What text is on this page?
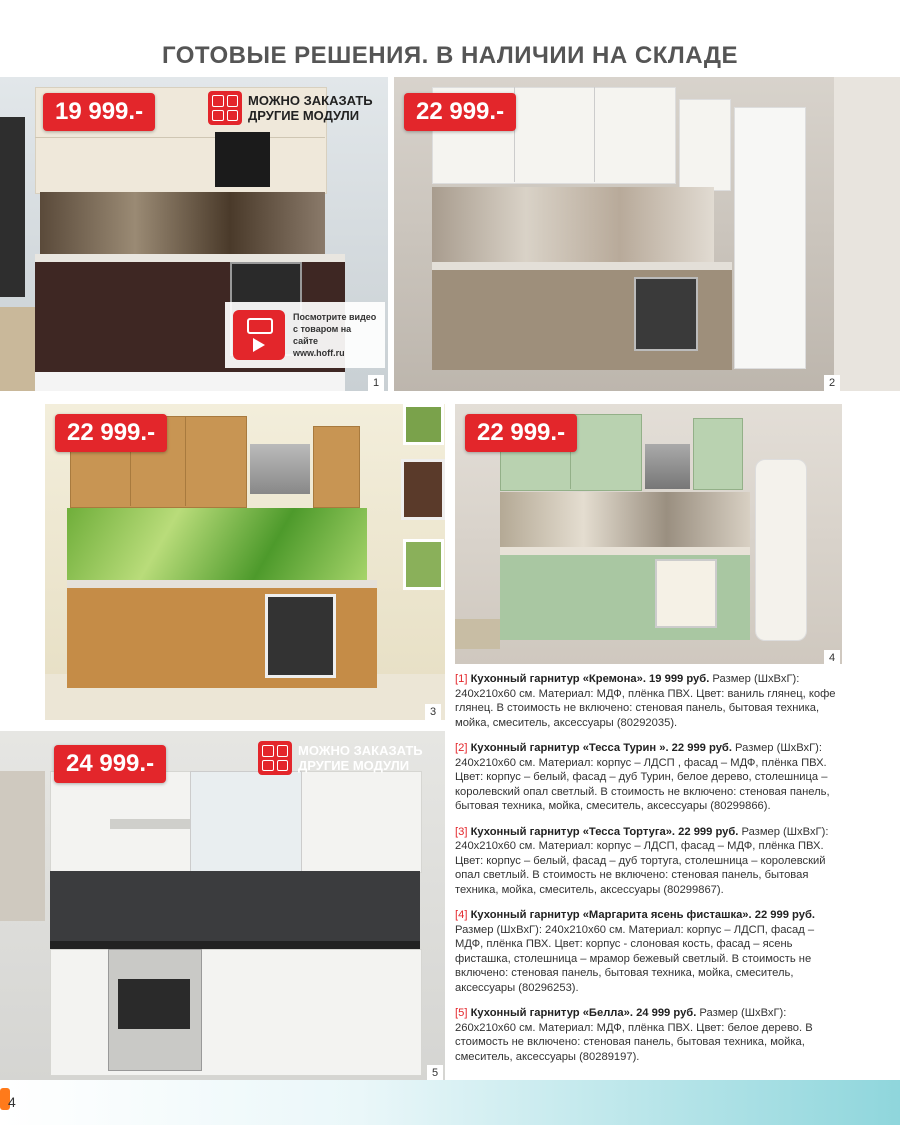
ГОТОВЫЕ РЕШЕНИЯ. В НАЛИЧИИ НА СКЛАДЕ
19 999.-	МОЖНО ЗАКАЗАТЬ
ДРУГИЕ МОДУЛИ
Посмотрите видео
с товаром на сайте
www.hoff.ru
1
22 999.-
2
22 999.-
3
22 999.-
4
24 999.-	МОЖНО ЗАКАЗАТЬ
ДРУГИЕ МОДУЛИ
5

[1] Кухонный гарнитур «Кремона». 19 999 руб. Размер (ШхВхГ): 240х210х60 см. Материал: МДФ, плёнка ПВХ. Цвет: ваниль глянец, кофе глянец. В стоимость не включено: стеновая панель, бытовая техника, мойка, смеситель, аксессуары (80292035).

[2] Кухонный гарнитур «Тесса Турин ». 22 999 руб. Размер (ШхВхГ): 240х210х60 см. Материал: корпус – ЛДСП , фасад – МДФ, плёнка ПВХ. Цвет: корпус – белый, фасад – дуб Турин, белое дерево, столешница – королевский опал светлый. В стоимость не включено: стеновая панель, бытовая техника, мойка, смеситель, аксессуары (80299866).

[3] Кухонный гарнитур «Тесса Тортуга». 22 999 руб. Размер (ШхВхГ): 240х210х60 см. Материал: корпус – ЛДСП, фасад – МДФ, плёнка ПВХ. Цвет: корпус – белый, фасад – дуб тортуга, столешница – королевский опал светлый. В стоимость не включено: стеновая панель, бытовая техника, мойка, смеситель, аксессуары (80299867).

[4] Кухонный гарнитур «Маргарита ясень фисташка». 22 999 руб. Размер (ШхВхГ): 240х210х60 см. Материал: корпус – ЛДСП, фасад – МДФ, плёнка ПВХ. Цвет: корпус - слоновая кость, фасад – ясень фисташка, столешница – мрамор бежевый светлый. В стоимость не включено: стеновая панель, бытовая техника, мойка, смеситель, аксессуары (80296253).

[5] Кухонный гарнитур «Белла». 24 999 руб. Размер (ШхВхГ): 260х210х60 см. Материал: МДФ, плёнка ПВХ. Цвет: белое дерево. В стоимость не включено: стеновая панель, бытовая техника, мойка, смеситель, аксессуары (80289197).

4
